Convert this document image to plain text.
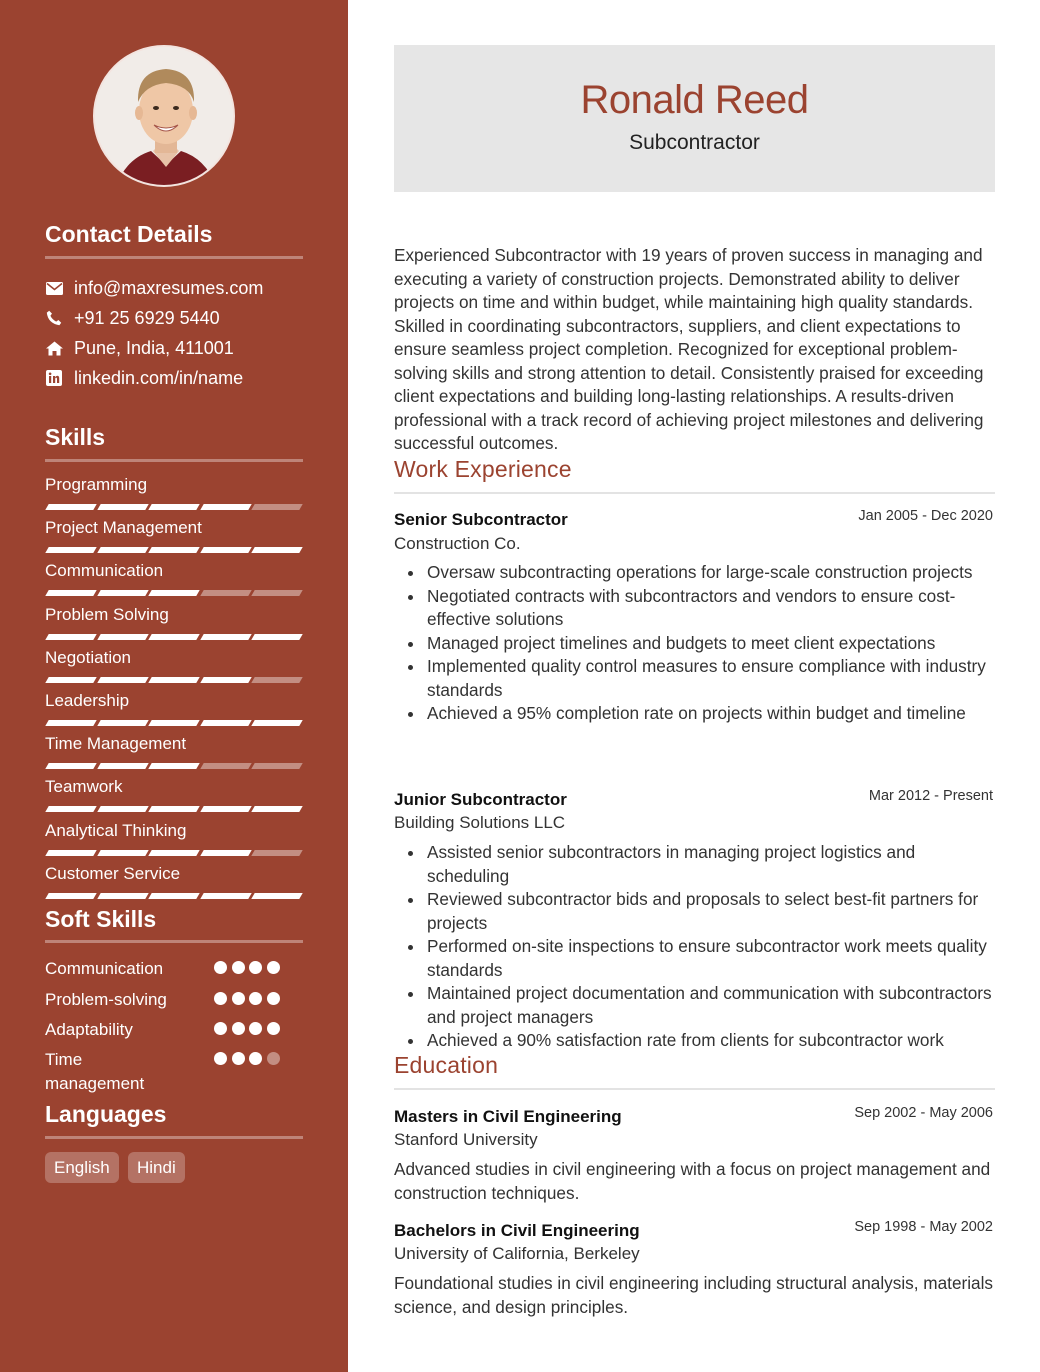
Contact Details
info@maxresumes.com
+91 25 6929 5440
Pune, India, 411001
linkedin.com/in/name
Skills
Programming
Project Management
Communication
Problem Solving
Negotiation
Leadership
Time Management
Teamwork
Analytical Thinking
Customer Service
Soft Skills
Communication
Problem-solving
Adaptability
Time management
Languages
English	Hindi
Ronald Reed
Subcontractor
Experienced Subcontractor with 19 years of proven success in managing and executing a variety of construction projects. Demonstrated ability to deliver projects on time and within budget, while maintaining high quality standards. Skilled in coordinating subcontractors, suppliers, and client expectations to ensure seamless project completion. Recognized for exceptional problem-solving skills and strong attention to detail. Consistently praised for exceeding client expectations and building long-lasting relationships. A results-driven professional with a track record of achieving project milestones and delivering successful outcomes.
Work Experience
Senior Subcontractor	Jan 2005 - Dec 2020
Construction Co.
Oversaw subcontracting operations for large-scale construction projects
Negotiated contracts with subcontractors and vendors to ensure cost-effective solutions
Managed project timelines and budgets to meet client expectations
Implemented quality control measures to ensure compliance with industry standards
Achieved a 95% completion rate on projects within budget and timeline
Junior Subcontractor	Mar 2012 - Present
Building Solutions LLC
Assisted senior subcontractors in managing project logistics and scheduling
Reviewed subcontractor bids and proposals to select best-fit partners for projects
Performed on-site inspections to ensure subcontractor work meets quality standards
Maintained project documentation and communication with subcontractors and project managers
Achieved a 90% satisfaction rate from clients for subcontractor work
Education
Masters in Civil Engineering	Sep 2002 - May 2006
Stanford University
Advanced studies in civil engineering with a focus on project management and construction techniques.
Bachelors in Civil Engineering	Sep 1998 - May 2002
University of California, Berkeley
Foundational studies in civil engineering including structural analysis, materials science, and design principles.
